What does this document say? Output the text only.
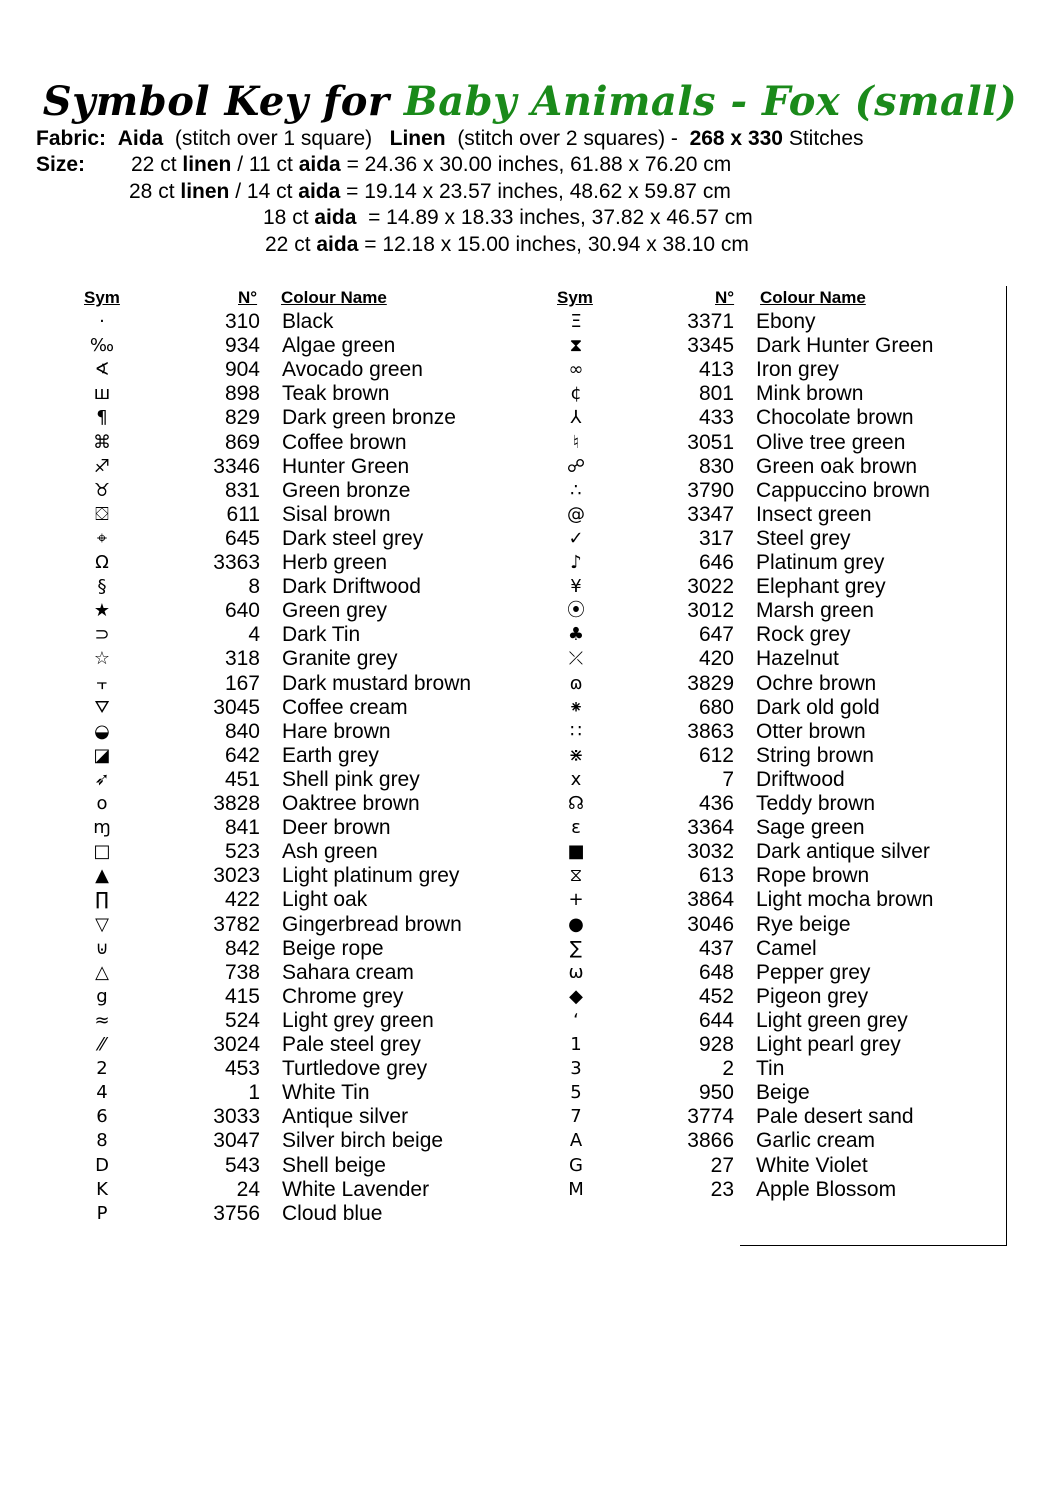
Symbol Key for Baby Animals - Fox (small)
Fabric: Aida (stitch over 1 square) Linen (stitch over 2 squares) - 268 x 330 Stitches
Size: 22 ct linen / 11 ct aida = 24.36 x 30.00 inches, 61.88 x 76.20 cm
28 ct linen / 14 ct aida = 19.14 x 23.57 inches, 48.62 x 59.87 cm
18 ct aida  = 14.89 x 18.33 inches, 37.82 x 46.57 cm
22 ct aida = 12.18 x 15.00 inches, 30.94 x 38.10 cm
Sym	N° Colour Name	Sym	N° Colour Name
·	310 Black
‰	934 Algae green
∢	904 Avocado green
ш	898 Teak brown
¶	829 Dark green bronze
⌘	869 Coffee brown
♐	3346 Hunter Green
♉	831 Green bronze
⛋	611 Sisal brown
⌖	645 Dark steel grey
Ω	3363 Herb green
§	8 Dark Driftwood
★	640 Green grey
⊃	4 Dark Tin
☆	318 Granite grey
⫟	167 Dark mustard brown
⛛	3045 Coffee cream
◒	840 Hare brown
◪	642 Earth grey
➶	451 Shell pink grey
o	3828 Oaktree brown
ɱ	841 Deer brown
□	523 Ash green
▲	3023 Light platinum grey
∏	422 Light oak
▽	3782 Gingerbread brown
⊍	842 Beige rope
△	738 Sahara cream
g	415 Chrome grey
≈	524 Light grey green
⁄⁄	3024 Pale steel grey
2	453 Turtledove grey
4	1 White Tin
6	3033 Antique silver
8	3047 Silver birch beige
D	543 Shell beige
K	24 White Lavender
P	3756 Cloud blue
Ξ	3371 Ebony
⧗	3345 Dark Hunter Green
∞	413 Iron grey
¢	801 Mink brown
⅄	433 Chocolate brown
♮	3051 Olive tree green
☍	830 Green oak brown
∴	3790 Cappuccino brown
@	3347 Insect green
✓	317 Steel grey
♪	646 Platinum grey
¥	3022 Elephant grey
⦿	3012 Marsh green
♣	647 Rock grey
⤫	420 Hazelnut
ɷ	3829 Ochre brown
⁕	680 Dark old gold
∷	3863 Otter brown
⋇	612 String brown
x	7 Driftwood
☊	436 Teddy brown
ε	3364 Sage green
■	3032 Dark antique silver
⧖	613 Rope brown
+	3864 Light mocha brown
●	3046 Rye beige
∑	437 Camel
ω	648 Pepper grey
◆	452 Pigeon grey
ʻ	644 Light green grey
1	928 Light pearl grey
3	2 Tin
5	950 Beige
7	3774 Pale desert sand
A	3866 Garlic cream
G	27 White Violet
M	23 Apple Blossom
